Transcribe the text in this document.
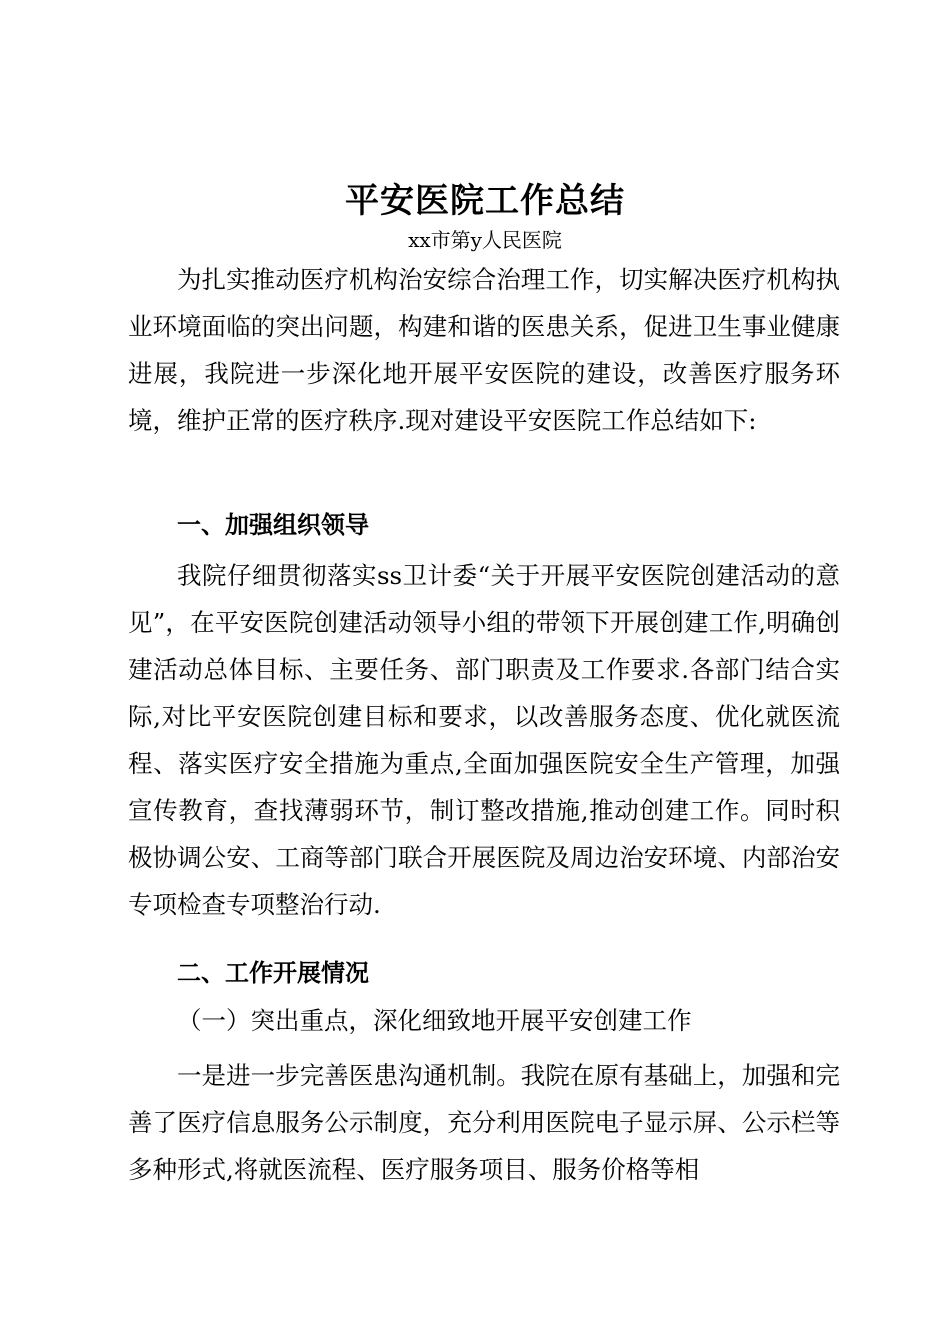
平安医院工作总结
xx市第y人民医院
为扎实推动医疗机构治安综合治理工作，切实解决医疗机构执业环境面临的突出问题，构建和谐的医患关系，促进卫生事业健康进展，我院进一步深化地开展平安医院的建设，改善医疗服务环境，维护正常的医疗秩序.现对建设平安医院工作总结如下:
一、加强组织领导
我院仔细贯彻落实ss卫计委“关于开展平安医院创建活动的意见”，在平安医院创建活动领导小组的带领下开展创建工作,明确创建活动总体目标、主要任务、部门职责及工作要求.各部门结合实际,对比平安医院创建目标和要求，以改善服务态度、优化就医流程、落实医疗安全措施为重点,全面加强医院安全生产管理，加强宣传教育，查找薄弱环节，制订整改措施,推动创建工作。同时积极协调公安、工商等部门联合开展医院及周边治安环境、内部治安专项检查专项整治行动.
二、工作开展情况
（一）突出重点，深化细致地开展平安创建工作
一是进一步完善医患沟通机制。我院在原有基础上，加强和完善了医疗信息服务公示制度，充分利用医院电子显示屏、公示栏等多种形式,将就医流程、医疗服务项目、服务价格等相
